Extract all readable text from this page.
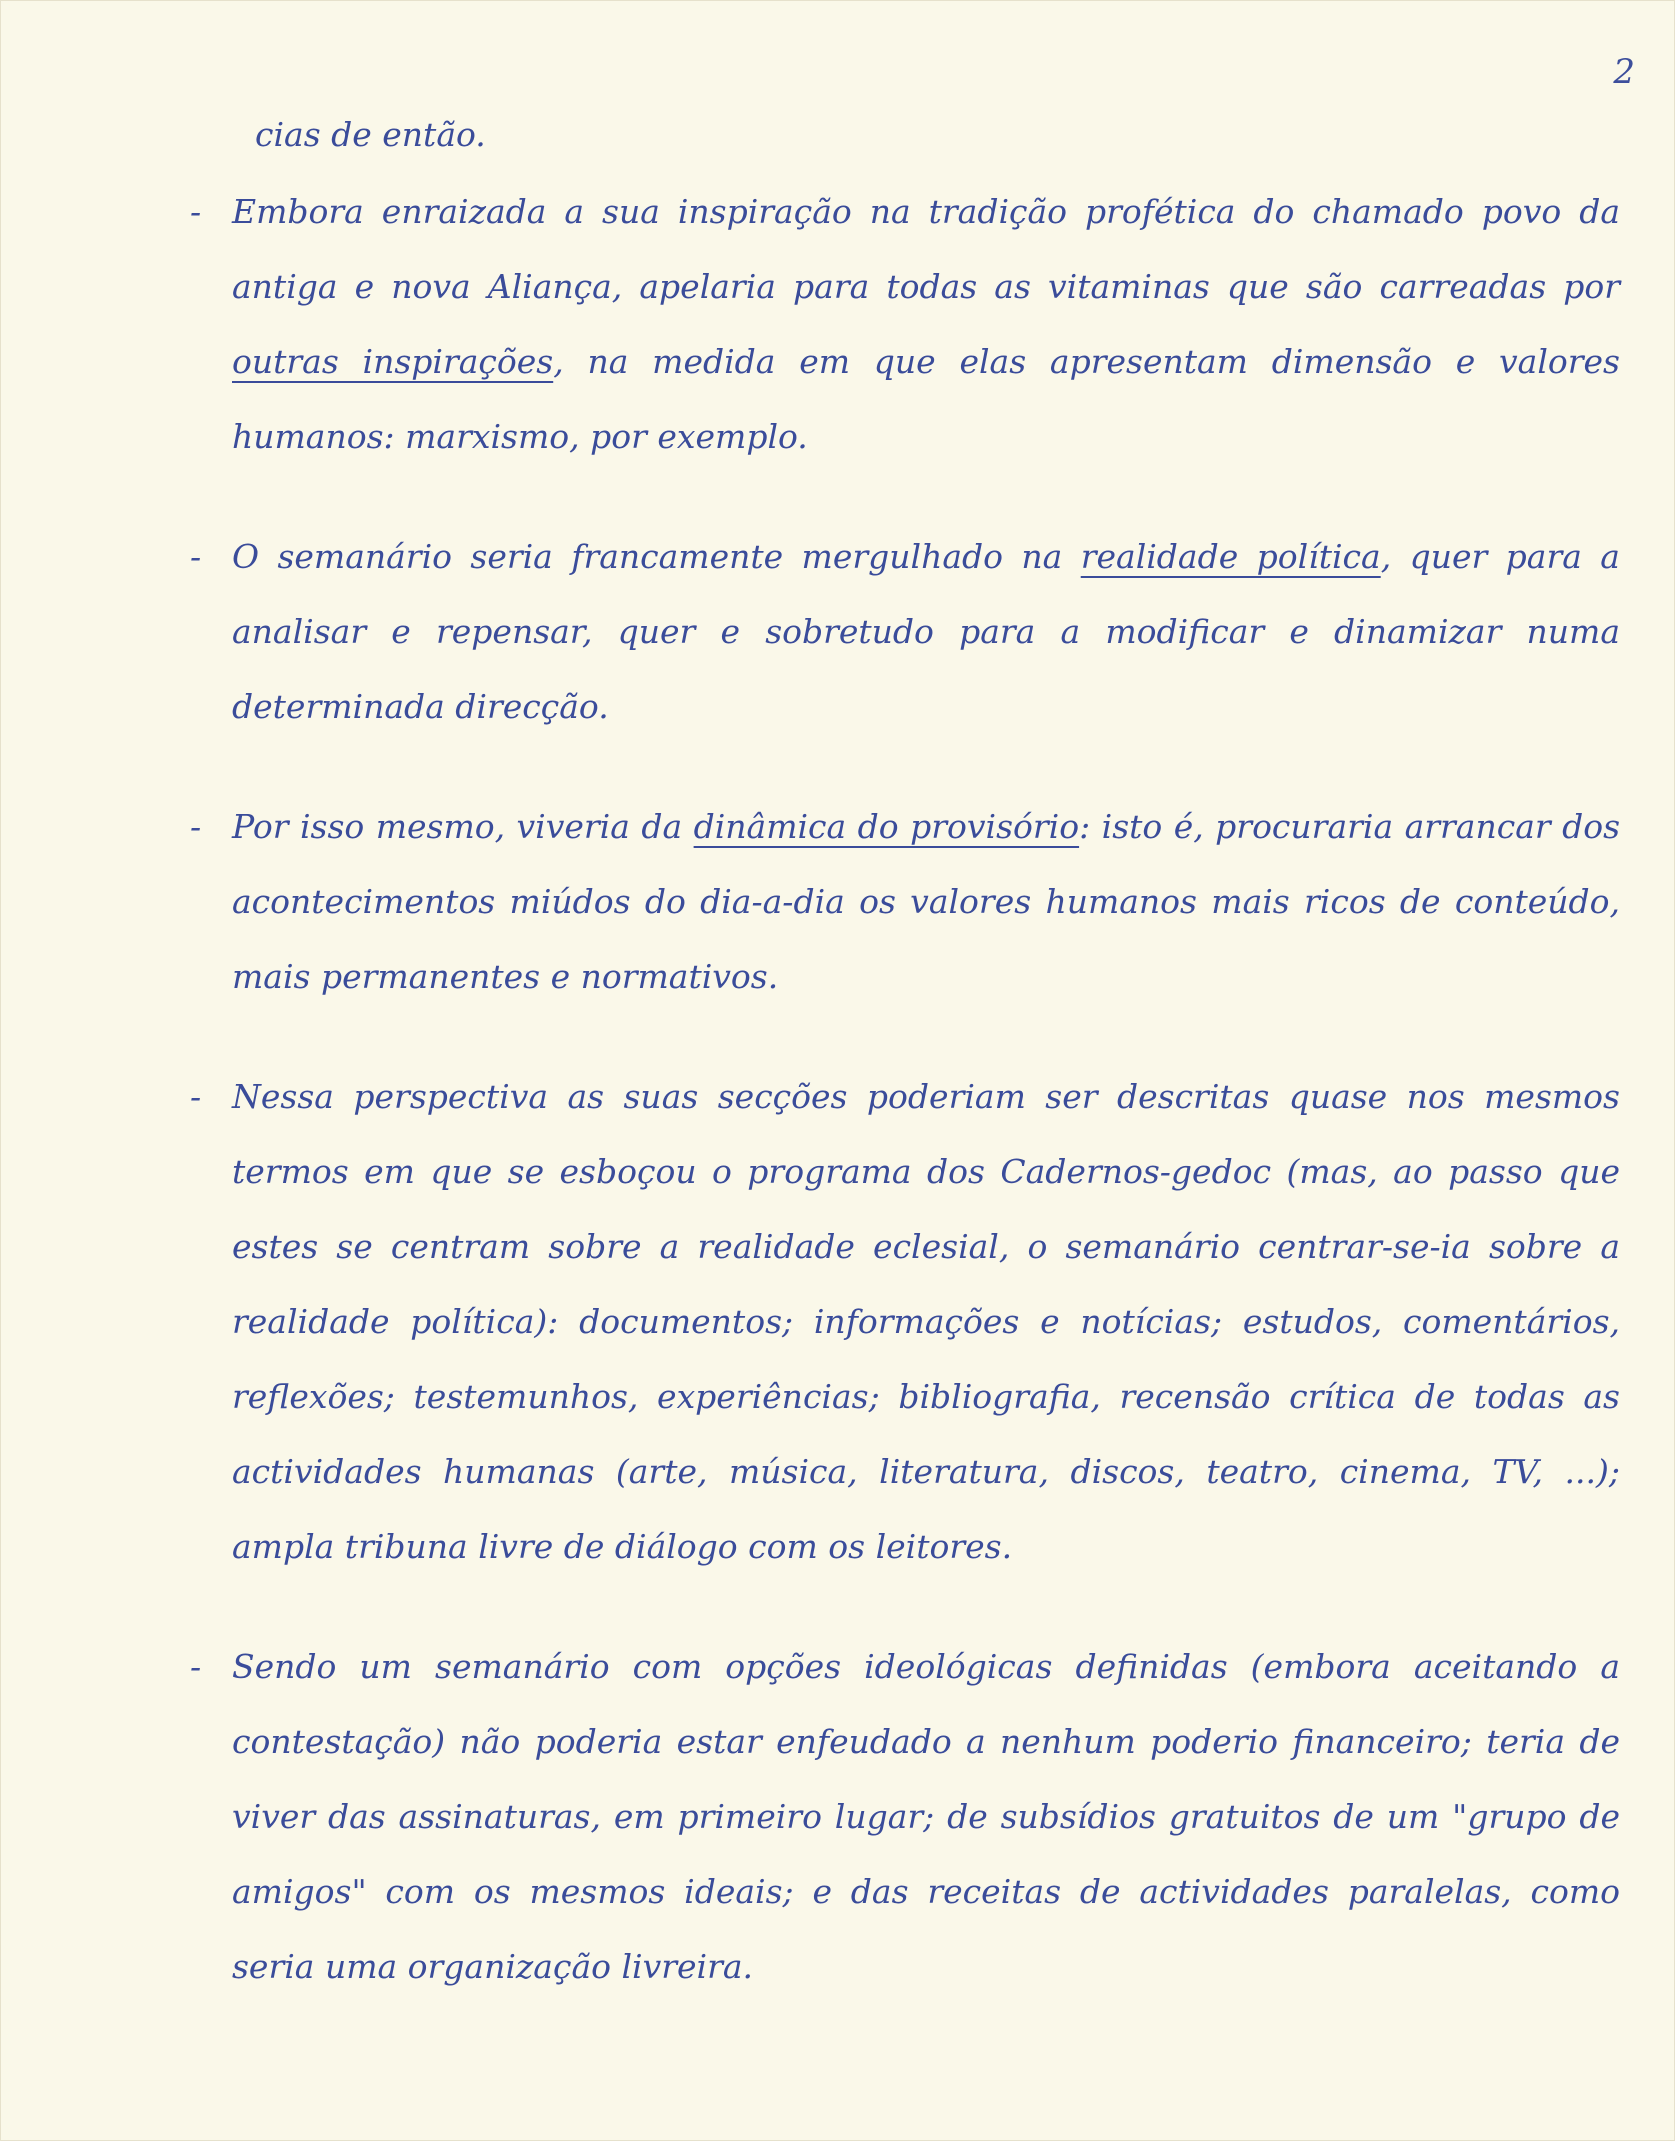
2
cias de então.
- Embora enraizada a sua inspiração na tradição profética do chamado povo da antiga e nova Aliança, apelaria para todas as vitaminas que são carreadas por outras inspirações, na medida em que elas apresentam dimensão e valores humanos: marxismo, por exemplo.
- O semanário seria francamente mergulhado na realidade política, quer para a analisar e repensar, quer e sobretudo para a modificar e dinamizar numa determinada direcção.
- Por isso mesmo, viveria da dinâmica do provisório: isto é, procuraria arrancar dos acontecimentos miúdos do dia-a-dia os valores humanos mais ricos de conteúdo, mais permanentes e normativos.
- Nessa perspectiva as suas secções poderiam ser descritas quase nos mesmos termos em que se esboçou o programa dos Cadernos-gedoc (mas, ao passo que estes se centram sobre a realidade eclesial, o semanário centrar-se-ia sobre a realidade política): documentos; informações e notícias; estudos, comentários, reflexões; testemunhos, experiências; bibliografia, recensão crítica de todas as actividades humanas (arte, música, literatura, discos, teatro, cinema, TV, ...); ampla tribuna livre de diálogo com os leitores.
- Sendo um semanário com opções ideológicas definidas (embora aceitando a contestação) não poderia estar enfeudado a nenhum poderio financeiro; teria de viver das assinaturas, em primeiro lugar; de subsídios gratuitos de um "grupo de amigos" com os mesmos ideais; e das receitas de actividades paralelas, como seria uma organização livreira.
